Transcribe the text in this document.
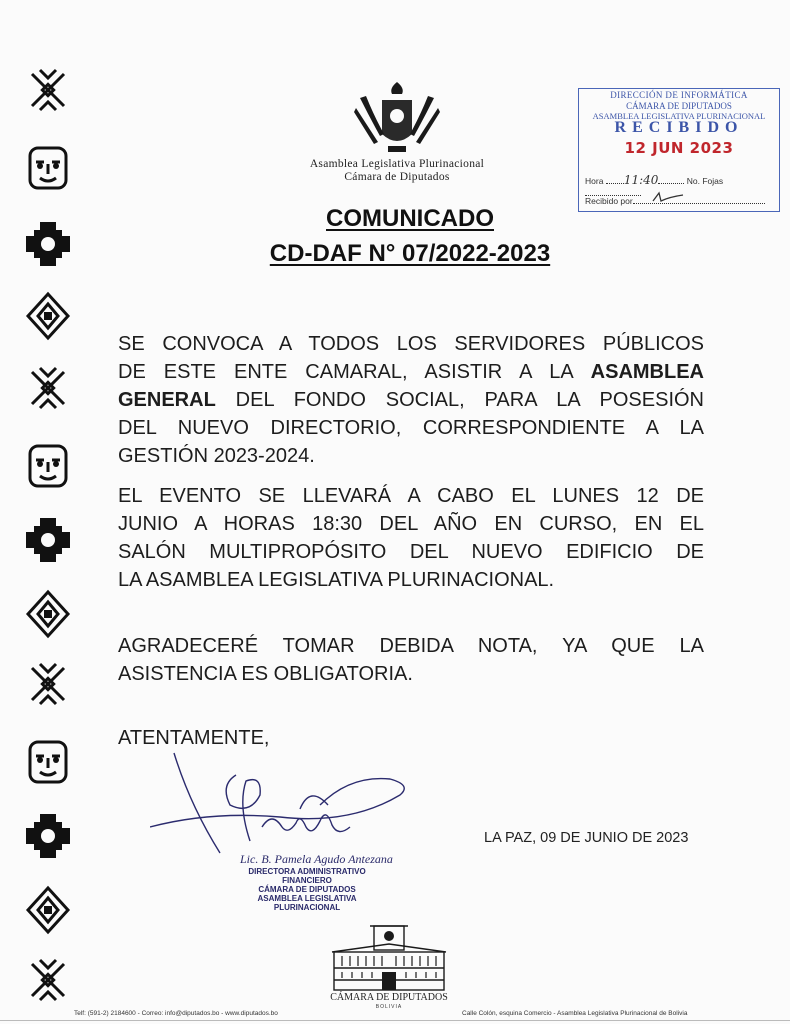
Asamblea Legislativa Plurinacional
Cámara de Diputados
DIRECCIÓN DE INFORMÁTICA
CÁMARA DE DIPUTADOS
ASAMBLEA LEGISLATIVA PLURINACIONAL
RECIBIDO
12 JUN 2023
Hora 11:40	No. Fojas
Recibido por
COMUNICADO
CD-DAF N° 07/2022-2023
SE CONVOCA A TODOS LOS SERVIDORES PÚBLICOS
DE ESTE ENTE CAMARAL, ASISTIR A LA ASAMBLEA
GENERAL DEL FONDO SOCIAL, PARA LA POSESIÓN
DEL NUEVO DIRECTORIO, CORRESPONDIENTE A LA
GESTIÓN 2023-2024.
EL EVENTO SE LLEVARÁ A CABO EL LUNES 12 DE
JUNIO A HORAS 18:30 DEL AÑO EN CURSO, EN EL
SALÓN MULTIPROPÓSITO DEL NUEVO EDIFICIO DE
LA ASAMBLEA LEGISLATIVA PLURINACIONAL.
AGRADECERÉ TOMAR DEBIDA NOTA, YA QUE LA
ASISTENCIA ES OBLIGATORIA.
ATENTAMENTE,
LA PAZ, 09 DE JUNIO DE 2023
Lic. B. Pamela Agudo Antezana
DIRECTORA ADMINISTRATIVO FINANCIERO
CÁMARA DE DIPUTADOS
ASAMBLEA LEGISLATIVA PLURINACIONAL
CÁMARA DE DIPUTADOS
BOLIVIA
Telf: (591-2) 2184600 - Correo: info@diputados.bo - www.diputados.bo	Calle Colón, esquina Comercio - Asamblea Legislativa Plurinacional de Bolivia
